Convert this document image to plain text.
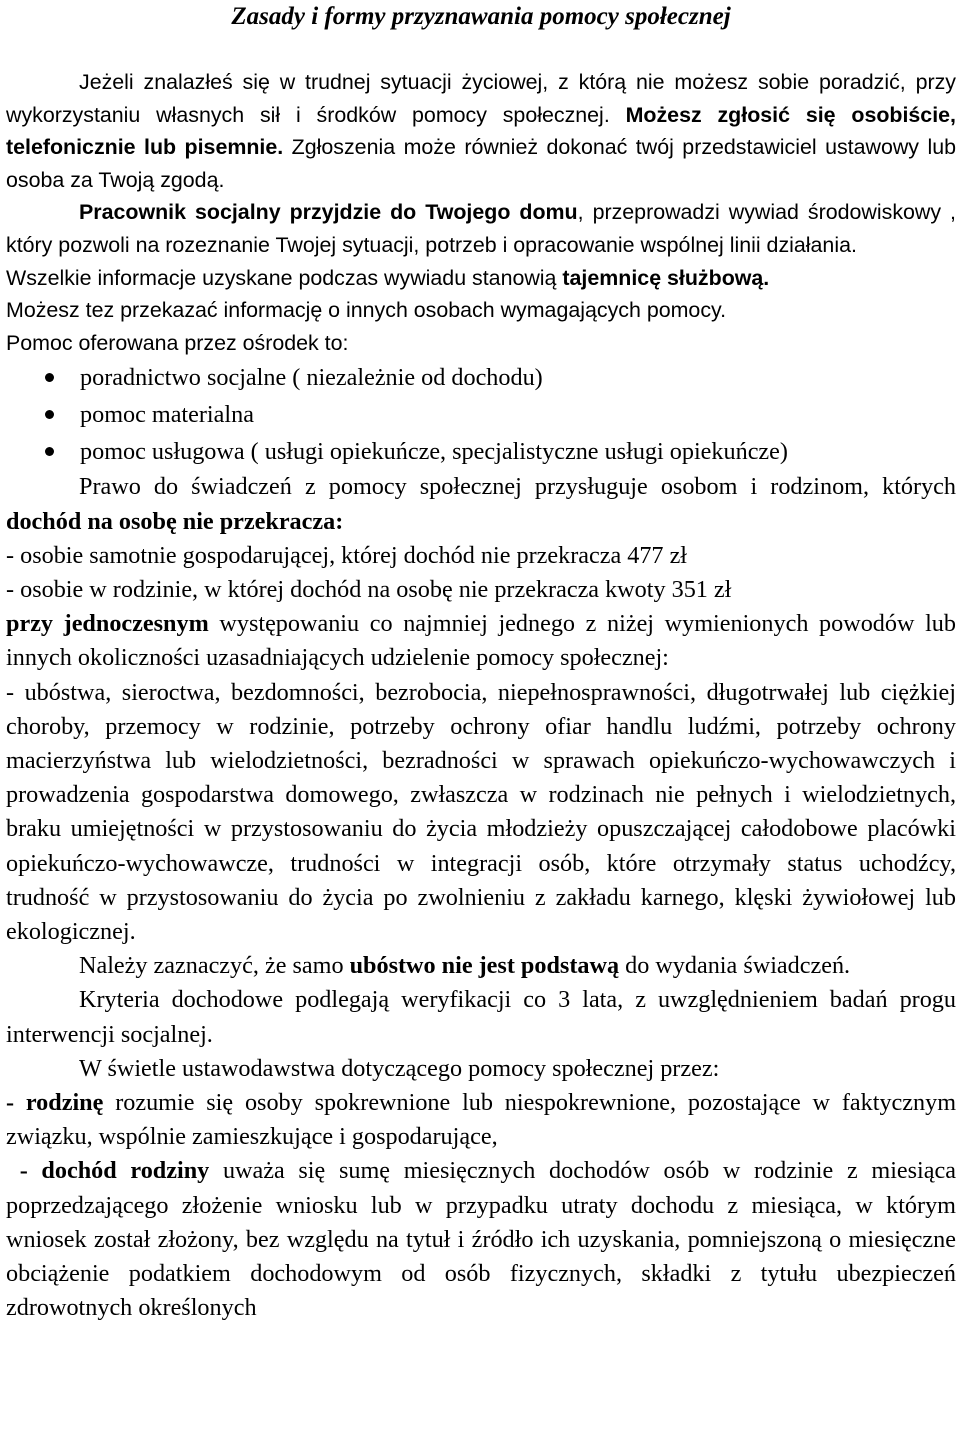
Zasady i formy przyznawania pomocy społecznej

Jeżeli znalazłeś się w trudnej sytuacji życiowej, z którą nie możesz sobie poradzić, przy wykorzystaniu własnych sił i środków pomocy społecznej. Możesz zgłosić się osobiście, telefonicznie lub pisemnie. Zgłoszenia może również dokonać twój przedstawiciel ustawowy lub osoba za Twoją zgodą.

Pracownik socjalny przyjdzie do Twojego domu, przeprowadzi wywiad środowiskowy , który pozwoli na rozeznanie Twojej sytuacji, potrzeb i opracowanie wspólnej linii działania.

Wszelkie informacje uzyskane podczas wywiadu stanowią tajemnicę służbową.

Możesz tez przekazać informację o innych osobach wymagających pomocy.

Pomoc oferowana przez ośrodek to:

poradnictwo socjalne ( niezależnie od dochodu)
pomoc materialna
pomoc usługowa ( usługi opiekuńcze, specjalistyczne usługi opiekuńcze)

Prawo do świadczeń z pomocy społecznej przysługuje osobom i rodzinom, których dochód na osobę nie przekracza:

- osobie samotnie gospodarującej, której dochód nie przekracza 477 zł

- osobie w rodzinie, w której dochód na osobę nie przekracza kwoty 351 zł

przy jednoczesnym występowaniu co najmniej jednego z niżej wymienionych powodów lub innych okoliczności uzasadniających udzielenie pomocy społecznej:

- ubóstwa, sieroctwa, bezdomności, bezrobocia, niepełnosprawności, długotrwałej lub ciężkiej choroby, przemocy w rodzinie, potrzeby ochrony ofiar handlu ludźmi, potrzeby ochrony macierzyństwa lub wielodzietności, bezradności w sprawach opiekuńczo-wychowawczych i prowadzenia gospodarstwa domowego, zwłaszcza w rodzinach nie pełnych i wielodzietnych, braku umiejętności w przystosowaniu do życia młodzieży opuszczającej całodobowe placówki opiekuńczo-wychowawcze, trudności w integracji osób, które otrzymały status uchodźcy, trudność w przystosowaniu do życia po zwolnieniu z zakładu karnego, klęski żywiołowej lub ekologicznej.

Należy zaznaczyć, że samo ubóstwo nie jest podstawą do wydania świadczeń.

Kryteria dochodowe podlegają weryfikacji co 3 lata, z uwzględnieniem badań progu interwencji socjalnej.

W świetle ustawodawstwa dotyczącego pomocy społecznej przez:

- rodzinę rozumie się osoby spokrewnione lub niespokrewnione, pozostające w faktycznym związku, wspólnie zamieszkujące i gospodarujące,

- dochód rodziny uważa się sumę miesięcznych dochodów osób w rodzinie z miesiąca poprzedzającego złożenie wniosku lub w przypadku utraty dochodu z miesiąca, w którym wniosek został złożony, bez względu na tytuł i źródło ich uzyskania, pomniejszoną o miesięczne obciążenie podatkiem dochodowym od osób fizycznych, składki z tytułu ubezpieczeń zdrowotnych określonych
